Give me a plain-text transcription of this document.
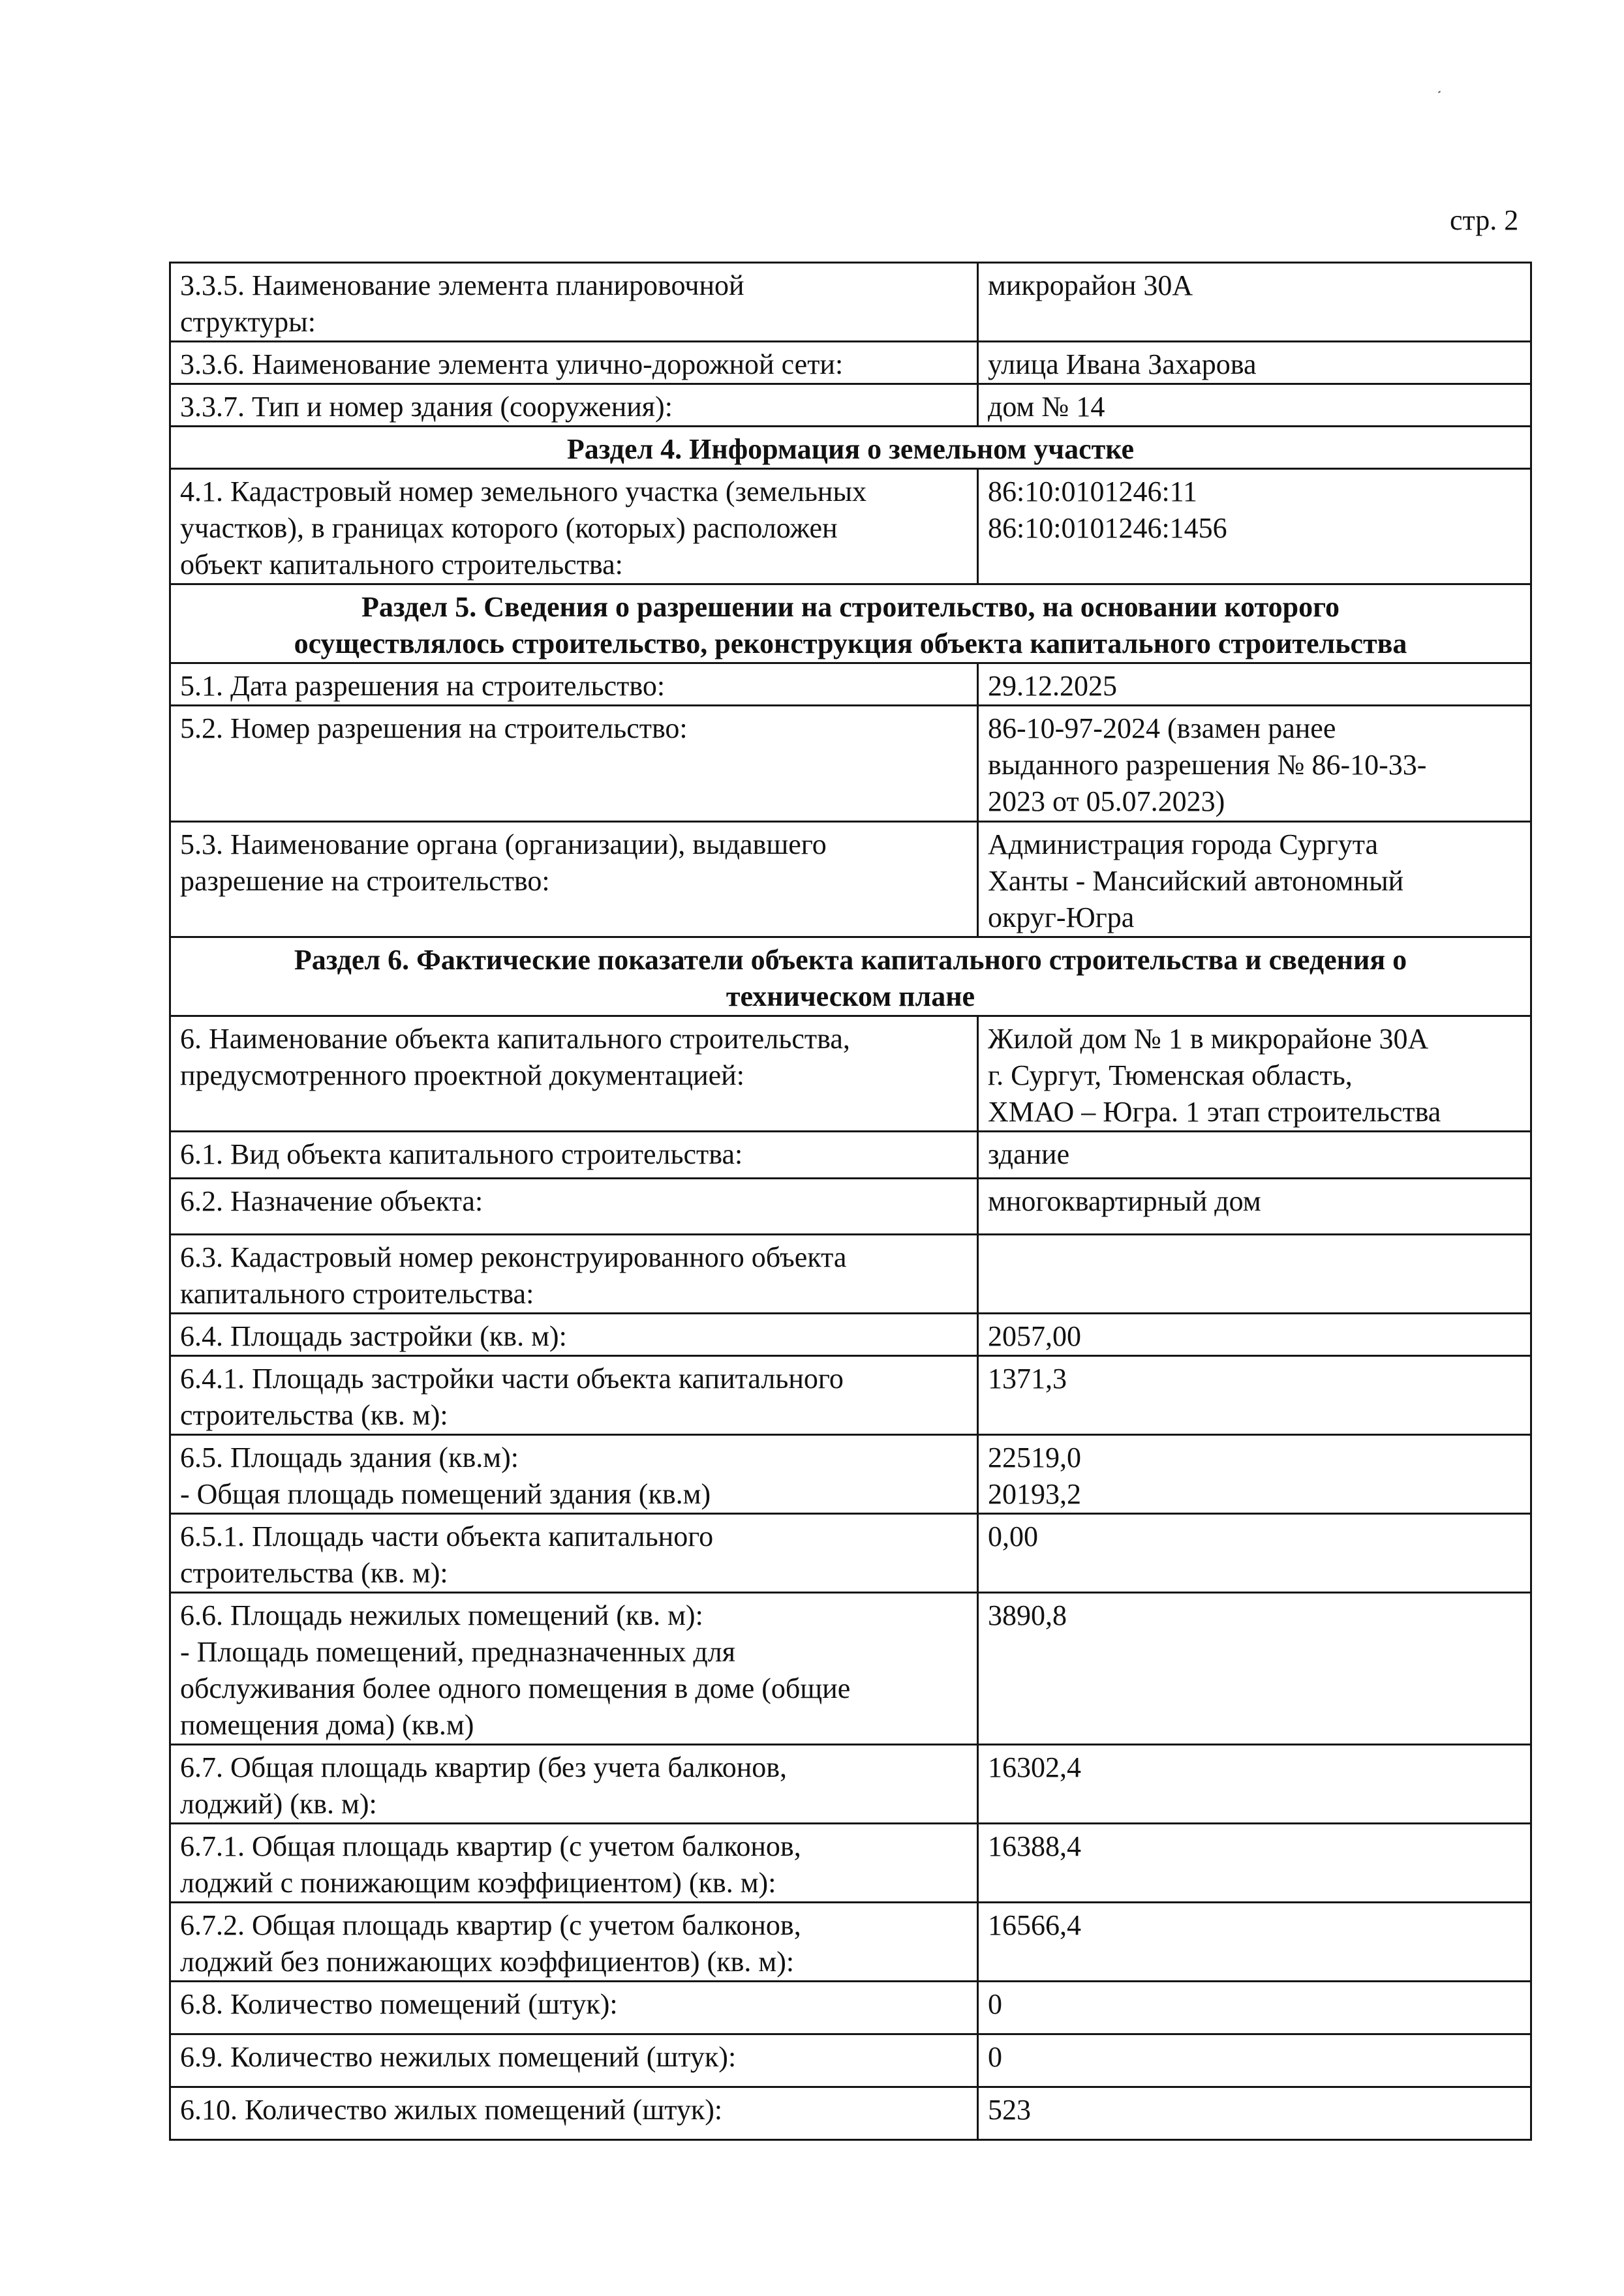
стр. 2
3.3.5. Наименование элемента планировочной
структуры:	микрорайон 30А

3.3.6. Наименование элемента улично-дорожной сети:	улица Ивана Захарова

3.3.7. Тип и номер здания (сооружения):	дом № 14

Раздел 4. Информация о земельном участке	

4.1. Кадастровый номер земельного участка (земельных
участков), в границах которого (которых) расположен
объект капитального строительства:	86:10:0101246:11
86:10:0101246:1456

Раздел 5. Сведения о разрешении на строительство, на основании которого
осуществлялось строительство, реконструкция объекта капитального строительства	

5.1. Дата разрешения на строительство:	29.12.2025

5.2. Номер разрешения на строительство:	86-10-97-2024 (взамен ранее
выданного разрешения № 86-10-33-
2023 от 05.07.2023)

5.3. Наименование органа (организации), выдавшего
разрешение на строительство:	Администрация города Сургута
Ханты - Мансийский автономный
округ-Югра

Раздел 6. Фактические показатели объекта капитального строительства и сведения о
техническом плане	

6. Наименование объекта капитального строительства,
предусмотренного проектной документацией:	Жилой дом № 1 в микрорайоне 30А
г. Сургут, Тюменская область,
ХМАО – Югра. 1 этап строительства

6.1. Вид объекта капитального строительства:	здание

6.2. Назначение объекта:	многоквартирный дом

6.3. Кадастровый номер реконструированного объекта
капитального строительства:	

6.4. Площадь застройки (кв. м):	2057,00

6.4.1. Площадь застройки части объекта капитального
строительства (кв. м):	1371,3

6.5. Площадь здания (кв.м):
- Общая площадь помещений здания (кв.м)	22519,0
20193,2

6.5.1. Площадь части объекта капитального
строительства (кв. м):	0,00

6.6. Площадь нежилых помещений (кв. м):
- Площадь помещений, предназначенных для
обслуживания более одного помещения в доме (общие
помещения дома) (кв.м)	3890,8

6.7. Общая площадь квартир (без учета балконов,
лоджий) (кв. м):	16302,4

6.7.1. Общая площадь квартир (с учетом балконов,
лоджий с понижающим коэффициентом) (кв. м):	16388,4

6.7.2. Общая площадь квартир (с учетом балконов,
лоджий без понижающих коэффициентов) (кв. м):	16566,4

6.8. Количество помещений (штук):	0

6.9. Количество нежилых помещений (штук):	0

6.10. Количество жилых помещений (штук):	523
